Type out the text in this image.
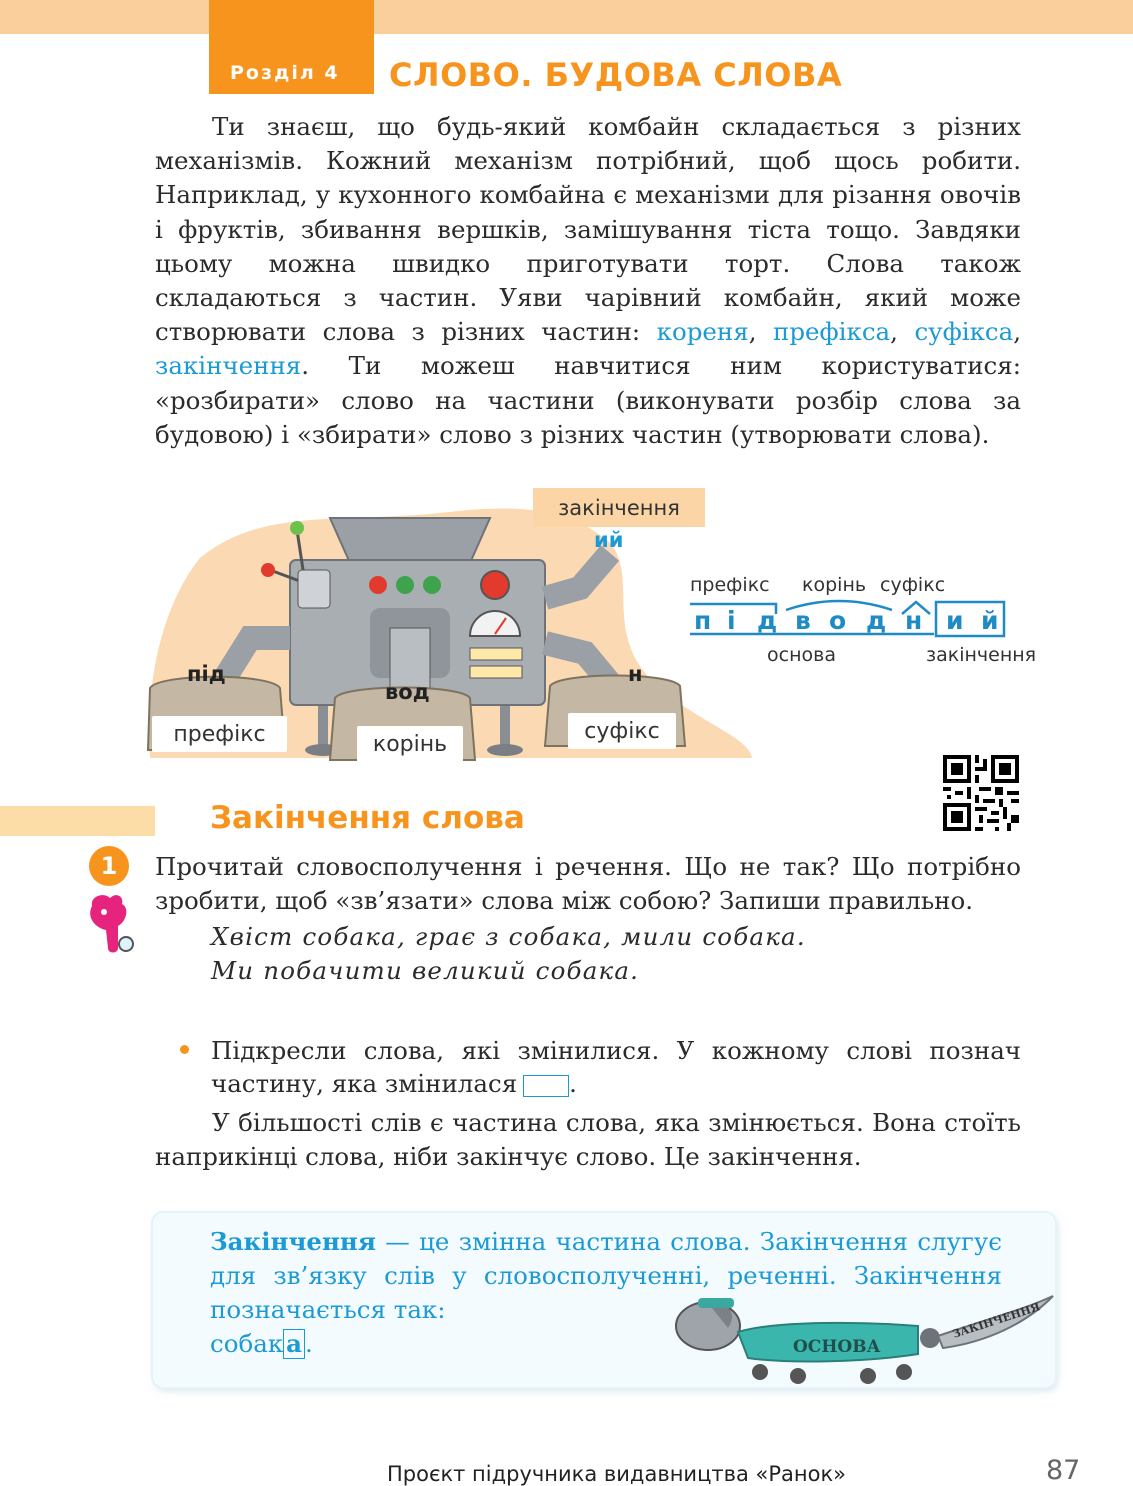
Розділ 4 СЛОВО. БУДОВА СЛОВА

Ти знаєш, що будь-який комбайн складається з різних механізмів. Кожний механізм потрібний, щоб щось робити. Наприклад, у кухонного комбайна є механізми для різання овочів і фруктів, збивання вершків, замішування тіста тощо. Завдяки цьому можна швидко приготувати торт. Слова також складаються з частин. Уяви чарівний комбайн, який може створювати слова з різних частин: кореня, префікса, суфікса, закінчення. Ти можеш навчитися ним користуватися: «розбирати» слово на частини (виконувати розбір слова за будовою) і «збирати» слово з різних частин (утворювати слова).

закінчення
ий
під
вод
н
префікс	корінь
суфікс
префікс корінь суфікс
п і д в о д н и й
основа	закінчення
Закінчення слова
1	Прочитай словосполучення і речення. Що не так? Що потрібно зробити, щоб «зв’язати» слова між собою? Запиши правильно.

Хвіст собака, грає з собака, мили собака.
Ми побачити великий собака.

Підкресли слова, які змінилися. У кожному слові познач частину, яка змінилася .

У більшості слів є частина слова, яка змінюється. Вона стоїть наприкінці слова, ніби закінчує слово. Це закінчення.

Закінчення — це змінна частина слова. Закінчення слугує для зв’язку слів у словосполученні, реченні. Закінчення позначається так:
собак а .	ОСНОВА
ЗАКІНЧЕННЯ
87
Проєкт підручника видавництва «Ранок»
